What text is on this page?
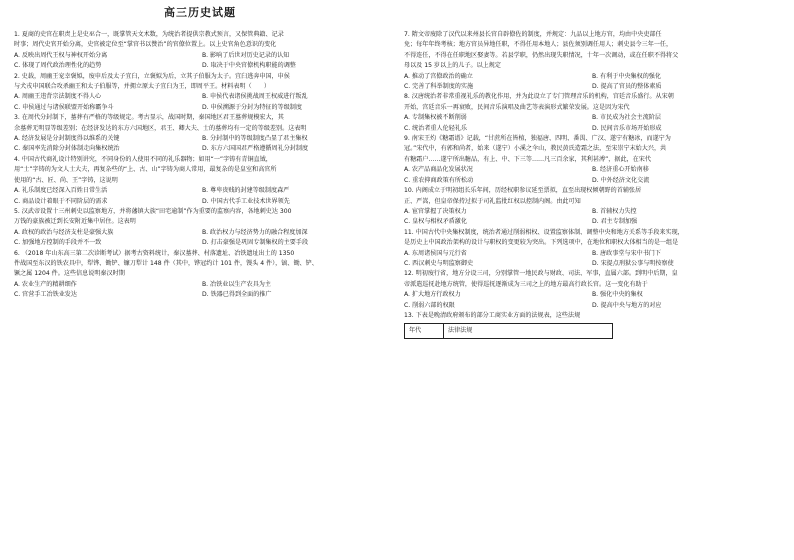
高三历史试题
1. 夏商的史官在职责上是史巫合一，既掌管天文术数，为统治者提供宗教式预言，又保管典籍、记录
时事；周代史官开始分离，史官被定位至“掌官书以赞治”的官僚位置上。以上史官角色意识的变化
A. 反映出周代王权与神权开始分离	B. 影响了后世对历史记录的认知
C. 体现了周代政治理性化的趋势	D. 取决于中央官僚机构职能的调整
2. 史载，周幽王宠幸褒姒，废申后及太子宜臼，立褒姒为后，立其子伯服为太子。宜臼逃奔申国，申侯
与犬戎申国联合攻杀幽王和太子伯服等，并拥立原太子宜臼为王，即周平王。材料表明（　　）
A. 周幽王违背宗法制度不得人心	B. 申侯代表诸侯挑战周王权威进行叛乱
C. 申侯通过与诸侯联盟开始称霸争斗	D. 申侯溯源于分封为特征的等级制度
3. 在周代分封制下，墓葬有严格的等级规定。考古显示，战国时期，秦国地区君王墓葬规模宏大，其
余墓葬无明显等级差别；在经济发达的东方六国地区，君王、卿大夫、士的墓葬均有一定的等级差别。这表明
A. 经济发展是分封制度得以维系的关键	B. 分封制中的等级制度凸显了君主集权
C. 秦国率先消除分封体制走向集权统治	D. 东方六国国君严格遵循周礼分封制度
4. 中国古代商礼设计特别讲究，不同身份的人使用不同的礼乐器物；如用“一”字铸有青铜直钺，
用“士”字铸的为文人士大夫，再复杂些的“上、古、山”字铸为商人常用，最复杂的是皇室和高官所
使用的“古、匠、尚、王”字铸，这说明
A. 礼乐制度已经深入百姓日常生活	B. 尊卑贵贱的封建等级制度森严
C. 商品设计着眼于不同阶层的需求	D. 中国古代手工业技术世界领先
5. 汉武帝设置十三州刺史以监察地方，并将藩镇大族“田宅逾制”作为重要的监察内容，各地刺史达 300
万钱的豪族被迁到长安附近集中居住。这表明
A. 政权的政治与经济支柱是豪强大族	B. 政治权力与经济势力的融合程度加深
C. 加强地方控制的手段并不一致	D. 打击豪强是巩固专制集权的主要手段
6. （2018 年山东高三第二次诊断考试）据考古资料统计，秦汉墓葬、村落遗址、冶铁遗址出土的 1350
件战国至东汉的铁农具中，犁铧、锄铲、镰刀犁计 148 件（其中，铧冠约计 101 件，馒头 4 件），镐、锄、铲、
镢之属 1204 件。这些信息说明秦汉时期
A. 农业生产的精耕细作	B. 冶铁业以生产农具为主
C. 官营手工冶铁业发达	D. 铁器已得到全面的推广
7. 隋文帝废除了汉代以来州县长官自辟僚佐的制度，并规定：九品以上地方官，均由中央吏部任
免；每年年终考核；地方官员异地任职，不得任用本地人；县佐须别调任用人；刺史县令三年一任，
不得连任，不得在任职地区娶妻等。若县学职，仍然出现失职情况，十年一次调动，或在任职不得将父
母以及 15 岁以上的儿子。以上规定
A. 推动了宫僚政治的确立	B. 有利于中央集权的强化
C. 完善了科举制度的实施	D. 提高了官员的整体素质
8. 汉唐统治者非常重视礼乐的教化作用，并为此设立了专门管理音乐的机构，宫廷音乐盛行。从宋朝
开始，宫廷音乐一再衰败，民间音乐演唱及曲艺等表演形式繁荣发展。这是因为宋代
A. 专制集权被不断削弱	B. 市民成为社会主流阶层
C. 统治者重人伦轻礼乐	D. 民间音乐市场开始形成
9. 南宋王灼《糖霜谱》记载，“甘蔗所在皆植，独福唐、四明、番禺、广汉、遂宁有糖冰，而遂宁为
冠。”宋代中，有郭和尚者，始来（遂宁）小溪之伞山，教民黄氏造霜之法，至宋崇宁末始大兴，共
有糖霜户……遂宁所出糖品，有上、中、下三等……凡三百余家，其利甚溥”，据此，在宋代
A. 农产品商品化发展状况	B. 经济重心开始南移
C. 重农抑商政策有所松动	D. 中外经济文化交流
10. 内阁成立于明初组长乐年间，历经权职参议延至票拟，直至出现权倾朝野的首辅张居
正、严嵩，但皇帝保持过拟于司礼监批红权以控制内阁。由此可知
A. 宦官掌握了决策权力	B. 首辅权力失控
C. 皇权与相权矛盾激化	D. 君主专制加强
11. 中国古代中央集权制度，统治者通过削弱相权、设置监察体制、调整中央和地方关系等手段来实现，
是历史上中国政治架构的设计与职权的变更较为突出。下列选项中，在地位和职权大体相当的是一组是
A. 东周诸侯国与元行省	B. 唐政事堂与宋中书门下
C. 西汉刺史与明监察御史	D. 宋提点刑狱公事与明按察使
12. 明初废行省，地方分设三司，分别掌管一地民政与财政、司法、军事，直属六部。到明中后期，皇
帝派遣巡抚赴地方统管，使得巡抚逐渐成为三司之上的地方最高行政长官。这一变化有助于
A. 扩大地方行政权力	B. 强化中央的集权
C. 削弱六部的权限	D. 提高中央与地方的对应
13. 下表是晚清政府颁布的部分工商实业方面的法规表，这些法规
年代	法律法规
